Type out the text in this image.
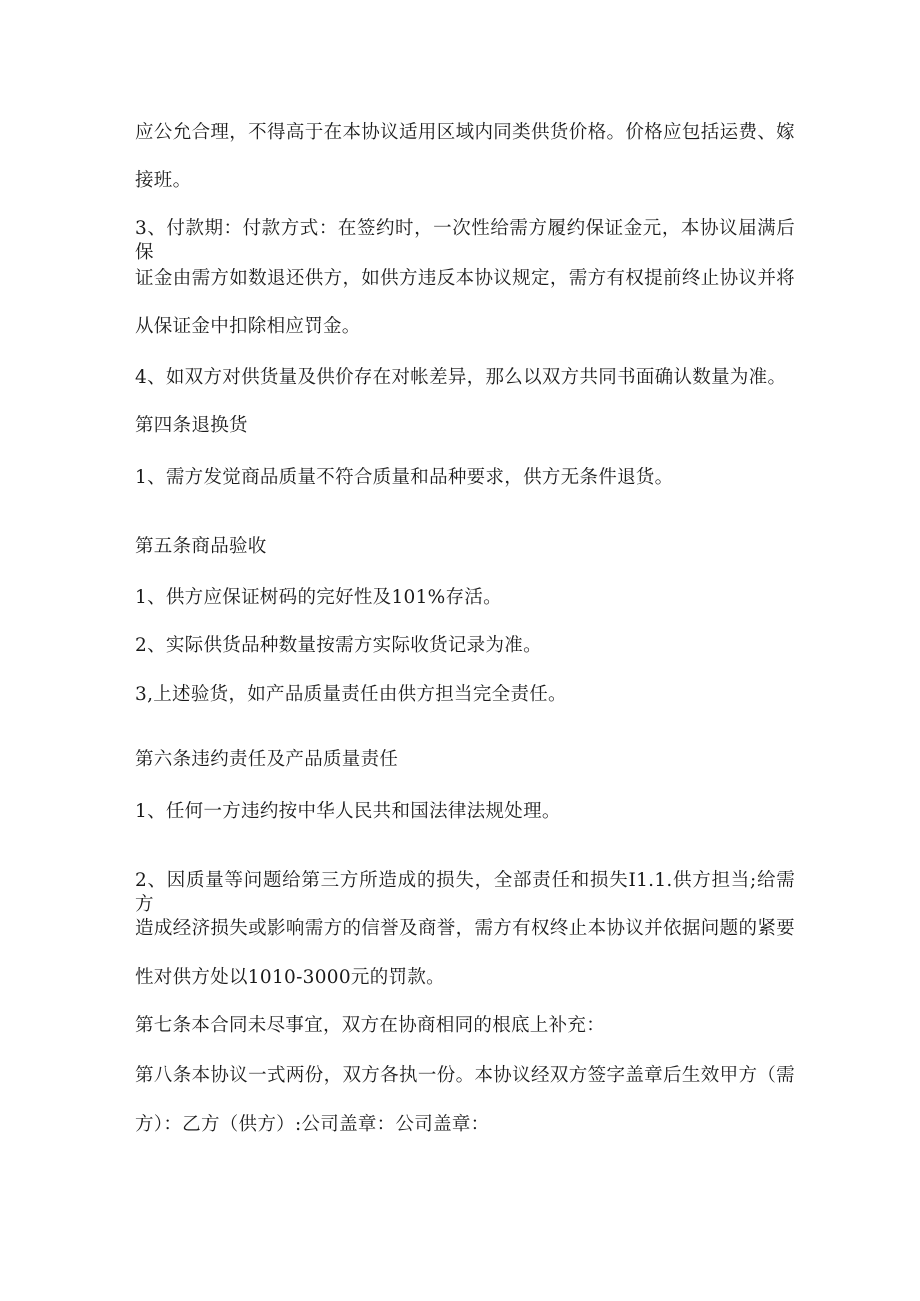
应公允合理，不得高于在本协议适用区域内同类供货价格。价格应包括运费、嫁
接班。
3、付款期：付款方式：在签约时，一次性给需方履约保证金元，本协议届满后保
证金由需方如数退还供方，如供方违反本协议规定，需方有权提前终止协议并将
从保证金中扣除相应罚金。
4、如双方对供货量及供价存在对帐差异，那么以双方共同书面确认数量为准。
第四条退换货
1、需方发觉商品质量不符合质量和品种要求，供方无条件退货。
第五条商品验收
1、供方应保证树码的完好性及101%存活。
2、实际供货品种数量按需方实际收货记录为准。
3,上述验货，如产品质量责任由供方担当完全责任。
第六条违约责任及产品质量责任
1、任何一方违约按中华人民共和国法律法规处理。
2、因质量等问题给第三方所造成的损失，全部责任和损失I1.1.供方担当;给需方
造成经济损失或影响需方的信誉及商誉，需方有权终止本协议并依据问题的紧要
性对供方处以1010-3000元的罚款。
第七条本合同未尽事宜，双方在协商相同的根底上补充：
第八条本协议一式两份，双方各执一份。本协议经双方签字盖章后生效甲方（需
方）：乙方（供方）:公司盖章：公司盖章：
